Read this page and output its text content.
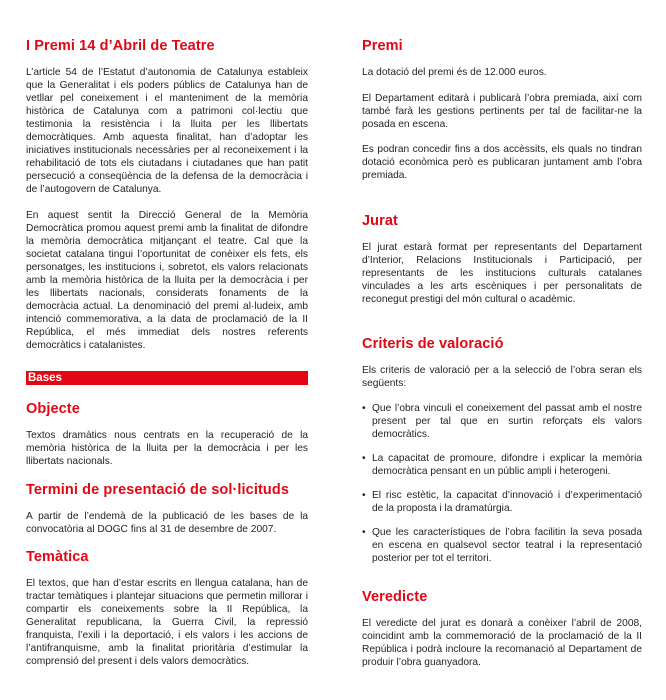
I Premi 14 d’Abril de Teatre

L’article 54 de l’Estatut d’autonomia de Catalunya estableix que la Generalitat i els poders públics de Catalunya han de vetllar pel coneixement i el manteniment de la memòria històrica de Catalunya com a patrimoni col·lectiu que testimonia la resistència i la lluita per les llibertats democràtiques. Amb aquesta finalitat, han d’adoptar les iniciatives institucionals necessàries per al reconeixement i la rehabilitació de tots els ciutadans i ciutadanes que han patit persecució a conseqüència de la defensa de la democràcia i de l’autogovern de Catalunya.

En aquest sentit la Direcció General de la Memòria Democràtica promou aquest premi amb la finalitat de difondre la memòria democràtica mitjançant el teatre. Cal que la societat catalana tingui l’oportunitat de conèixer els fets, els personatges, les institucions i, sobretot, els valors relacionats amb la memòria històrica de la lluita per la democràcia i per les llibertats nacionals, considerats fonaments de la democràcia actual. La denominació del premi al·ludeix, amb intenció commemorativa, a la data de proclamació de la II República, el més immediat dels nostres referents democràtics i catalanistes.

Bases
Objecte

Textos dramàtics nous centrats en la recuperació de la memòria històrica de la lluita per la democràcia i per les llibertats nacionals.

Termini de presentació de sol·licituds

A partir de l’endemà de la publicació de les bases de la convocatòria al DOGC fins al 31 de desembre de 2007.

Temàtica

El textos, que han d’estar escrits en llengua catalana, han de tractar temàtiques i plantejar situacions que permetin millorar i compartir els coneixements sobre la II República, la Generalitat republicana, la Guerra Civil, la repressió franquista, l’exili i la deportació, i els valors i les accions de l’antifranquisme, amb la finalitat prioritària d’estimular la comprensió del present i dels valors democràtics.

Premi

La dotació del premi és de 12.000 euros.

El Departament editarà i publicarà l’obra premiada, així com també farà les gestions pertinents per tal de facilitar-ne la posada en escena.

Es podran concedir fins a dos accèssits, els quals no tindran dotació econòmica però es publicaran juntament amb l’obra premiada.

Jurat

El jurat estarà format per representants del Departament d’Interior, Relacions Institucionals i Participació, per representants de les institucions culturals catalanes vinculades a les arts escèniques i per personalitats de reconegut prestigi del món cultural o acadèmic.

Criteris de valoració

Els criteris de valoració per a la selecció de l’obra seran els següents:

• Que l’obra vinculi el coneixement del passat amb el nostre present per tal que en surtin reforçats els valors democràtics.
• La capacitat de promoure, difondre i explicar la memòria democràtica pensant en un públic ampli i heterogeni.
• El risc estètic, la capacitat d’innovació i d’experimentació de la proposta i la dramatúrgia.
• Que les característiques de l’obra facilitin la seva posada en escena en qualsevol sector teatral i la representació posterior per tot el territori.
Veredicte

El veredicte del jurat es donarà a conèixer l’abril de 2008, coincidint amb la commemoració de la proclamació de la II República i podrà incloure la recomanació al Departament de produir l’obra guanyadora.
